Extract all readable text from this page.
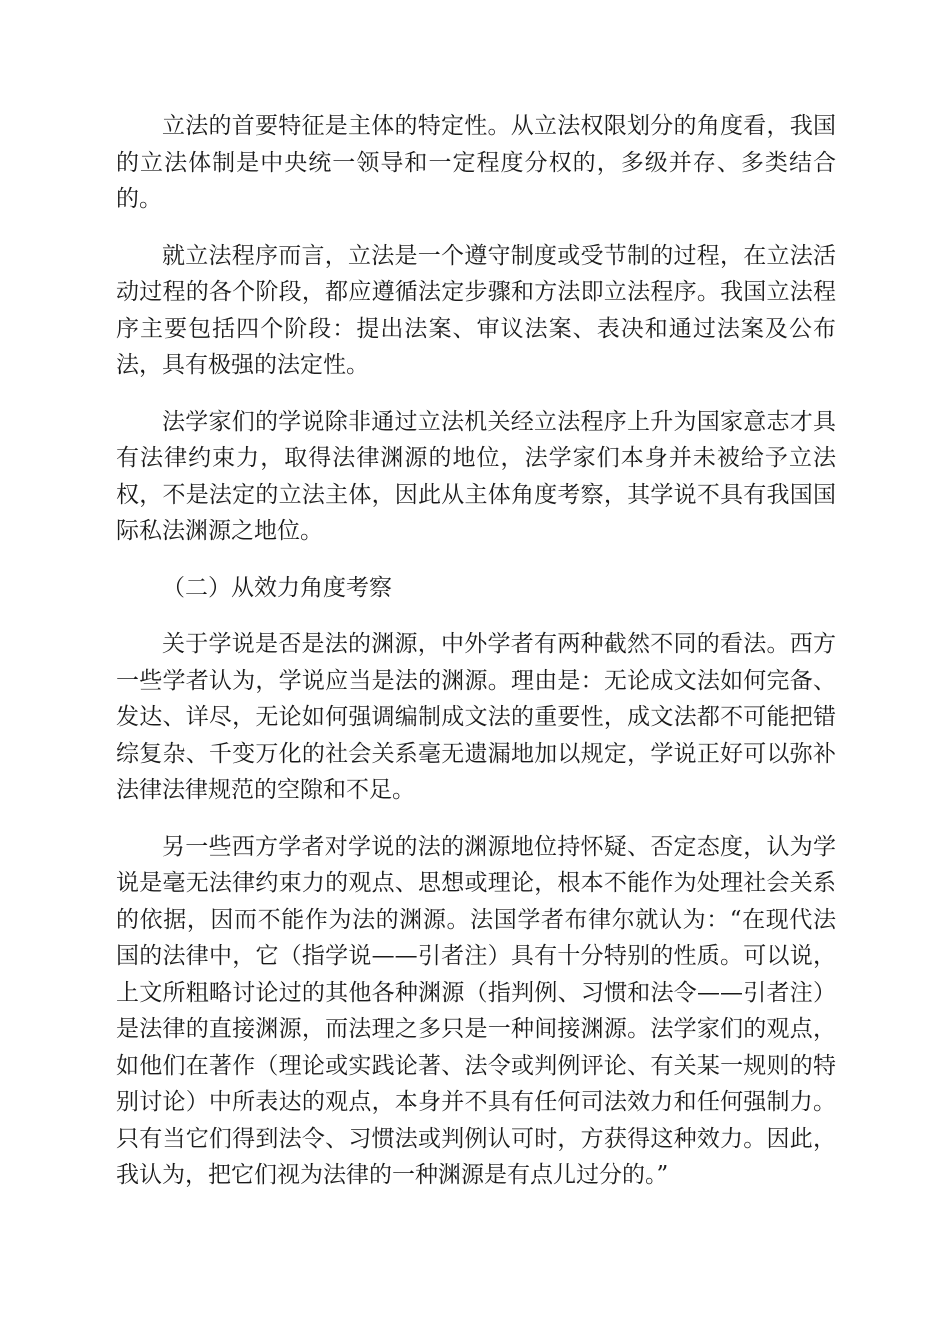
立法的首要特征是主体的特定性。从立法权限划分的角度看，我国的立法体制是中央统一领导和一定程度分权的，多级并存、多类结合的。

就立法程序而言，立法是一个遵守制度或受节制的过程，在立法活动过程的各个阶段，都应遵循法定步骤和方法即立法程序。我国立法程序主要包括四个阶段：提出法案、审议法案、表决和通过法案及公布法，具有极强的法定性。

法学家们的学说除非通过立法机关经立法程序上升为国家意志才具有法律约束力，取得法律渊源的地位，法学家们本身并未被给予立法权，不是法定的立法主体，因此从主体角度考察，其学说不具有我国国际私法渊源之地位。

（二）从效力角度考察

关于学说是否是法的渊源，中外学者有两种截然不同的看法。西方一些学者认为，学说应当是法的渊源。理由是：无论成文法如何完备、发达、详尽，无论如何强调编制成文法的重要性，成文法都不可能把错综复杂、千变万化的社会关系毫无遗漏地加以规定，学说正好可以弥补法律法律规范的空隙和不足。

另一些西方学者对学说的法的渊源地位持怀疑、否定态度，认为学说是毫无法律约束力的观点、思想或理论，根本不能作为处理社会关系的依据，因而不能作为法的渊源。法国学者布律尔就认为：“在现代法国的法律中，它（指学说——引者注）具有十分特别的性质。可以说，上文所粗略讨论过的其他各种渊源（指判例、习惯和法令——引者注）是法律的直接渊源，而法理之多只是一种间接渊源。法学家们的观点，如他们在著作（理论或实践论著、法令或判例评论、有关某一规则的特别讨论）中所表达的观点，本身并不具有任何司法效力和任何强制力。只有当它们得到法令、习惯法或判例认可时，方获得这种效力。因此，我认为，把它们视为法律的一种渊源是有点儿过分的。”
